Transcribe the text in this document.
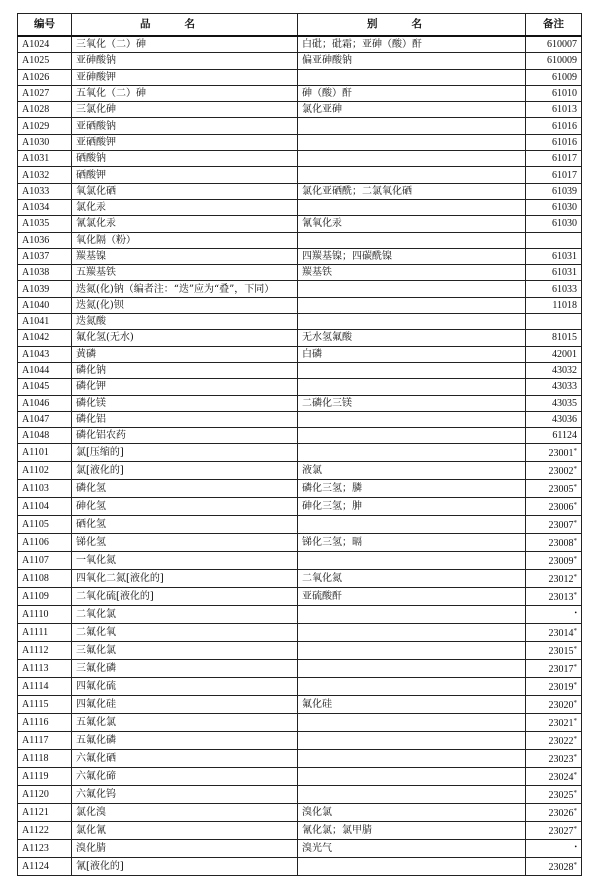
编号	品名	别名	备注
A1024	三氧化（二）砷	白砒；砒霜；亚砷（酸）酐	610007
A1025	亚砷酸钠	偏亚砷酸钠	610009
A1026	亚砷酸钾		61009
A1027	五氧化（二）砷	砷（酸）酐	61010
A1028	三氯化砷	氯化亚砷	61013
A1029	亚硒酸钠		61016
A1030	亚硒酸钾		61016
A1031	硒酸钠		61017
A1032	硒酸钾		61017
A1033	氧氯化硒	氯化亚硒酰；二氯氧化硒	61039
A1034	氯化汞		61030
A1035	氰氯化汞	氰氧化汞	61030
A1036	氧化隔（粉）		
A1037	羰基镍	四羰基镍；四碳酰镍	61031
A1038	五羰基铁	羰基铁	61031
A1039	迭氮(化)钠（编者注：“迭”应为“叠”，下同）		61033
A1040	迭氮(化)钡		11018
A1041	迭氮酸		
A1042	氟化氢(无水)	无水氢氟酸	81015
A1043	黄磷	白磷	42001
A1044	磷化钠		43032
A1045	磷化钾		43033
A1046	磷化镁	二磷化三镁	43035
A1047	磷化铝		43036
A1048	磷化铝农药		61124
A1101	氯[压缩的]		23001*
A1102	氯[液化的]	液氯	23002*
A1103	磷化氢	磷化三氢；膦	23005*
A1104	砷化氢	砷化三氢；胂	23006*
A1105	硒化氢		23007*
A1106	锑化氢	锑化三氢；㬏	23008*
A1107	一氧化氮		23009*
A1108	四氧化二氮[液化的]	二氧化氮	23012*
A1109	二氧化硫[液化的]	亚硫酸酐	23013*
A1110	二氧化氯		•
A1111	二氟化氧		23014*
A1112	三氟化氯		23015*
A1113	三氟化磷		23017*
A1114	四氟化硫		23019*
A1115	四氟化硅	氟化硅	23020*
A1116	五氟化氯		23021*
A1117	五氟化磷		23022*
A1118	六氟化硒		23023*
A1119	六氟化碲		23024*
A1120	六氟化钨		23025*
A1121	氯化溴	溴化氯	23026*
A1122	氯化氰	氰化氯；氯甲腈	23027*
A1123	溴化腈	溴光气	•
A1124	氰[液化的]		23028*
